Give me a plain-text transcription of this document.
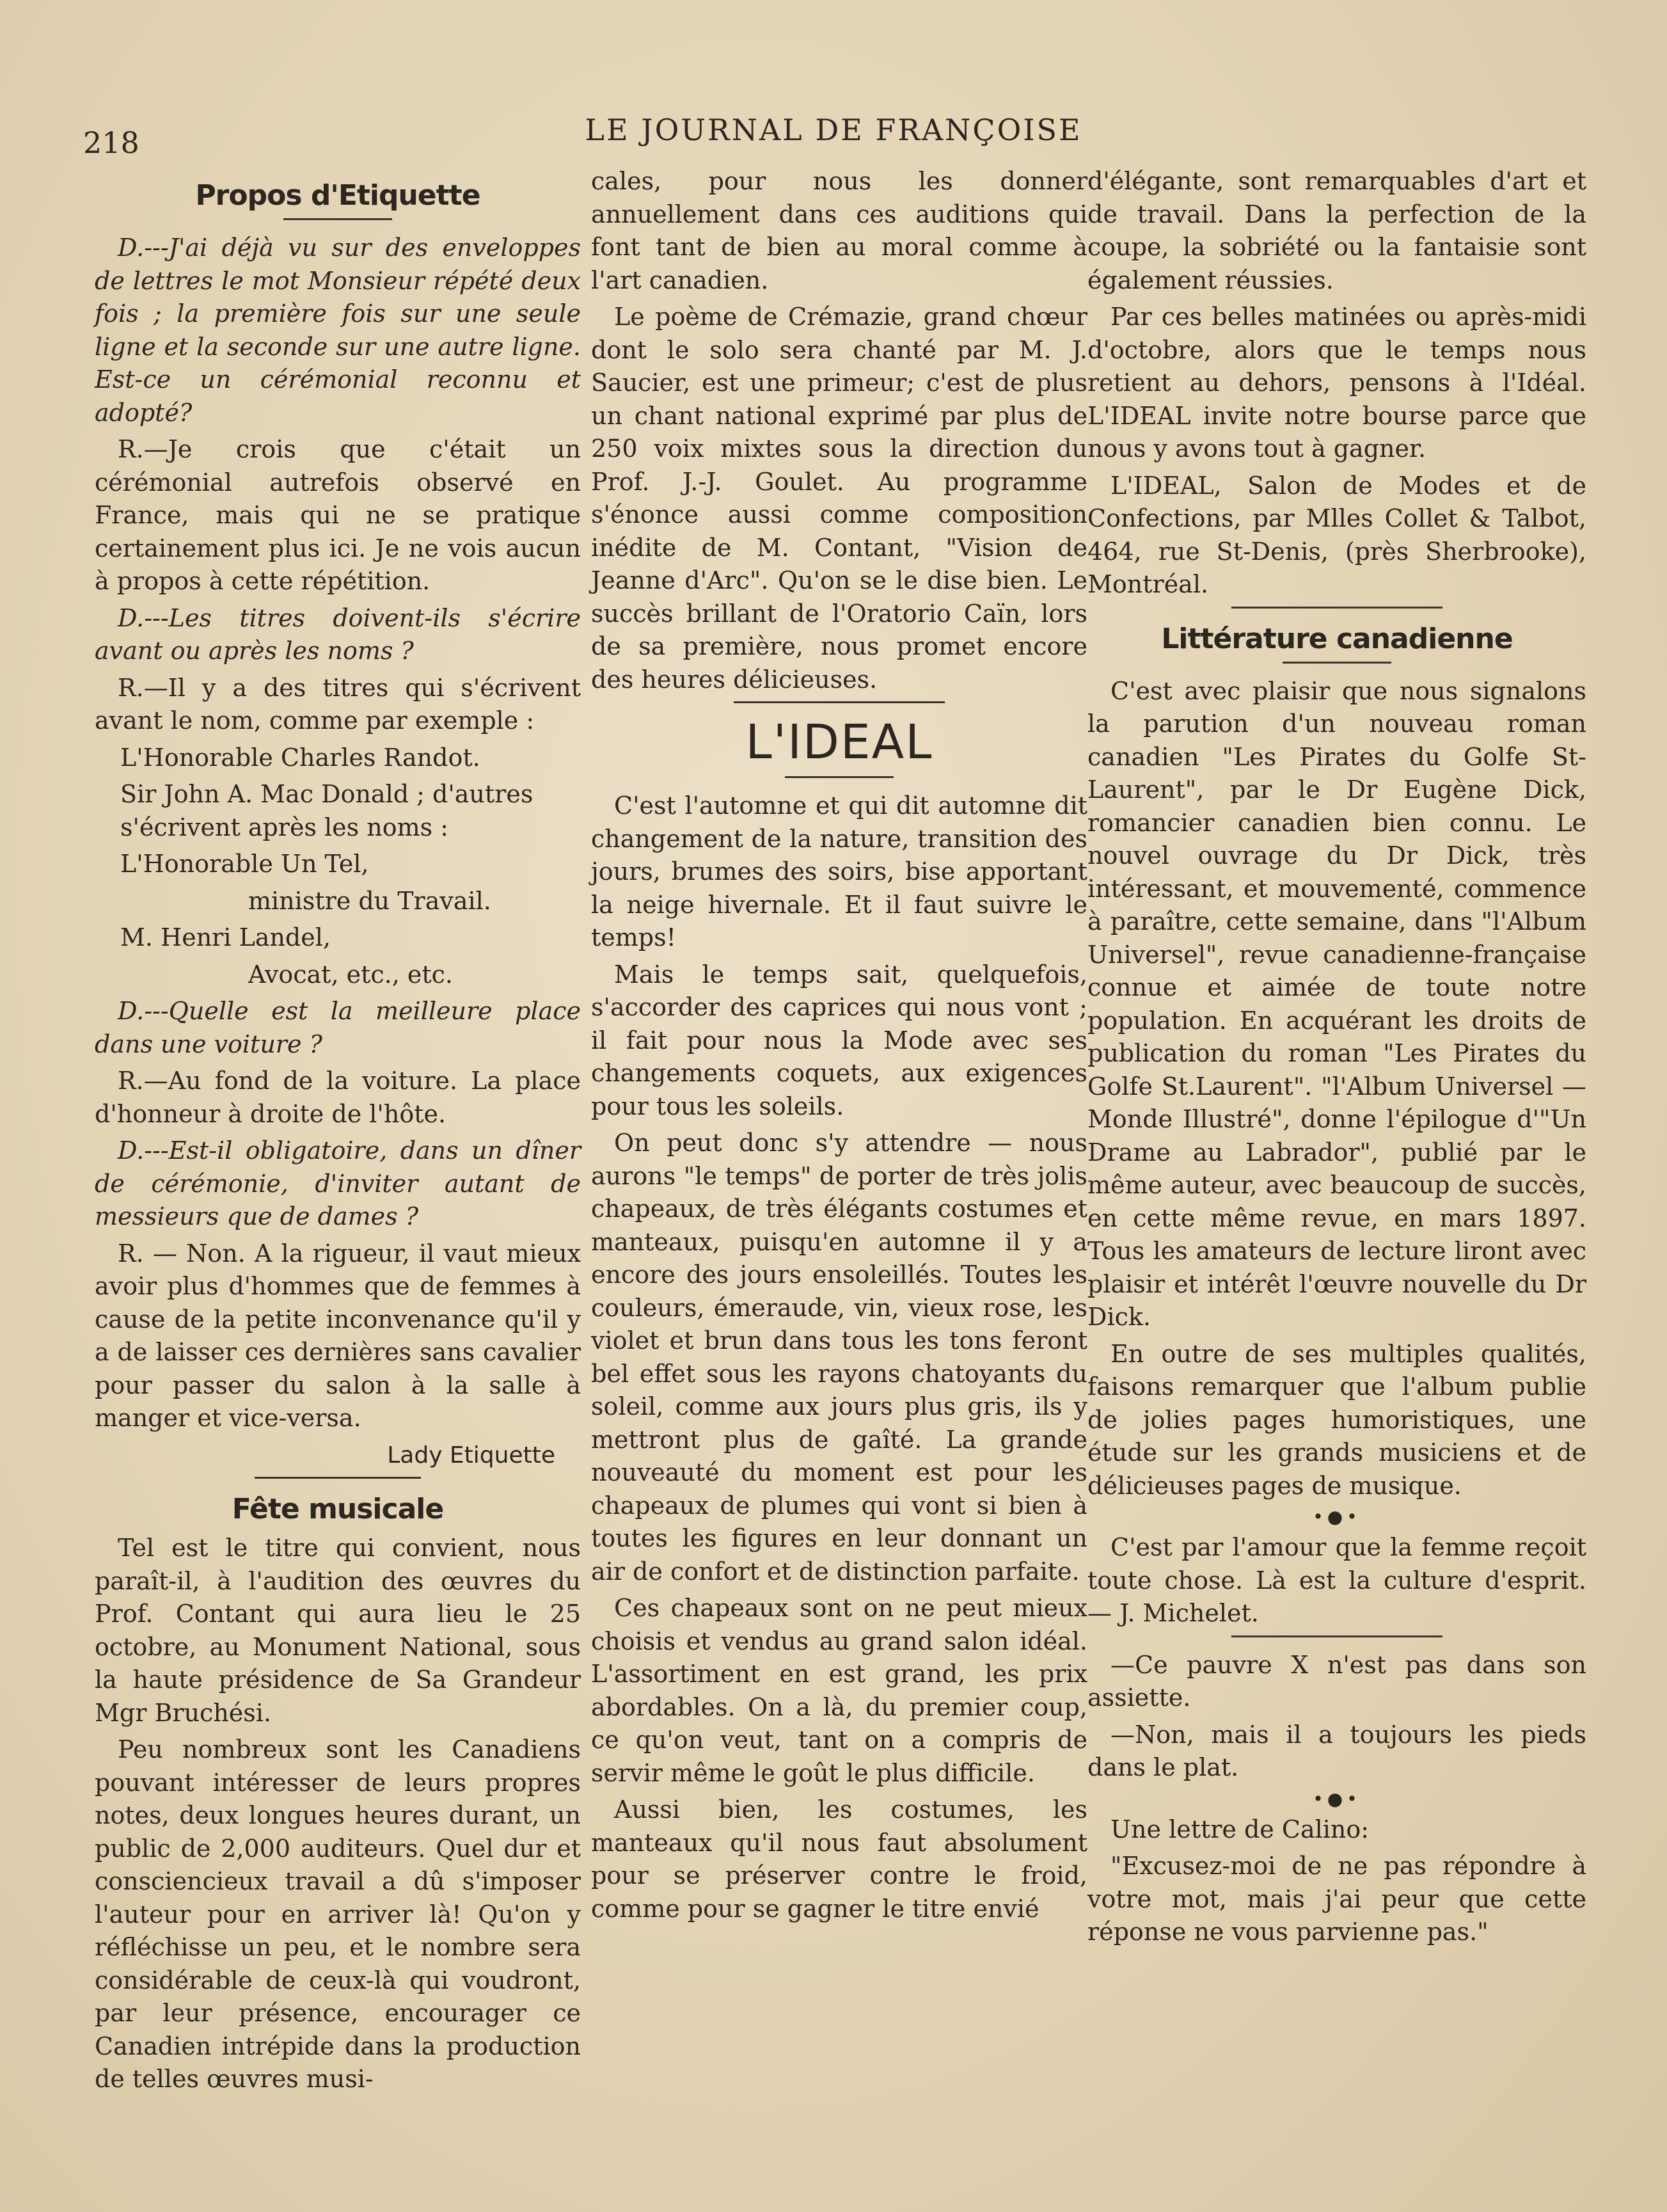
218	LE JOURNAL DE FRANÇOISE
Propos d'Etiquette

D.---J'ai déjà vu sur des enveloppes de lettres le mot Monsieur répété deux fois ; la première fois sur une seule ligne et la seconde sur une autre ligne. Est-ce un cérémonial reconnu et adopté?

R.—Je crois que c'était un cérémonial autrefois observé en France, mais qui ne se pratique certainement plus ici. Je ne vois aucun à propos à cette répétition.

D.---Les titres doivent-ils s'écrire avant ou après les noms ?

R.—Il y a des titres qui s'écrivent avant le nom, comme par exemple :

L'Honorable Charles Randot.

Sir John A. Mac Donald ; d'autres s'écrivent après les noms :

L'Honorable Un Tel,

ministre du Travail.

M. Henri Landel,

Avocat, etc., etc.

D.---Quelle est la meilleure place dans une voiture ?

R.—Au fond de la voiture. La place d'honneur à droite de l'hôte.

D.---Est-il obligatoire, dans un dîner de cérémonie, d'inviter autant de messieurs que de dames ?

R. — Non. A la rigueur, il vaut mieux avoir plus d'hommes que de femmes à cause de la petite inconvenance qu'il y a de laisser ces dernières sans cavalier pour passer du salon à la salle à manger et vice-versa.

Lady Etiquette

Fête musicale

Tel est le titre qui convient, nous paraît-il, à l'audition des œuvres du Prof. Contant qui aura lieu le 25 octobre, au Monument National, sous la haute présidence de Sa Grandeur Mgr Bruchési.

Peu nombreux sont les Canadiens pouvant intéresser de leurs propres notes, deux longues heures durant, un public de 2,000 auditeurs. Quel dur et consciencieux travail a dû s'imposer l'auteur pour en arriver là! Qu'on y réfléchisse un peu, et le nombre sera considérable de ceux-là qui voudront, par leur présence, encourager ce Canadien intrépide dans la production de telles œuvres musi-

cales, pour nous les donner annuellement dans ces auditions qui font tant de bien au moral comme à l'art canadien.

Le poème de Crémazie, grand chœur dont le solo sera chanté par M. J. Saucier, est une primeur; c'est de plus un chant national exprimé par plus de 250 voix mixtes sous la direction du Prof. J.-J. Goulet. Au programme s'énonce aussi comme composition inédite de M. Contant, "Vision de Jeanne d'Arc". Qu'on se le dise bien. Le succès brillant de l'Oratorio Caïn, lors de sa première, nous promet encore des heures délicieuses.

L'IDEAL

C'est l'automne et qui dit automne dit changement de la nature, transition des jours, brumes des soirs, bise apportant la neige hivernale. Et il faut suivre le temps!

Mais le temps sait, quelquefois, s'accorder des caprices qui nous vont ; il fait pour nous la Mode avec ses changements coquets, aux exigences pour tous les soleils.

On peut donc s'y attendre — nous aurons "le temps" de porter de très jolis chapeaux, de très élégants costumes et manteaux, puisqu'en automne il y a encore des jours ensoleillés. Toutes les couleurs, émeraude, vin, vieux rose, les violet et brun dans tous les tons feront bel effet sous les rayons chatoyants du soleil, comme aux jours plus gris, ils y mettront plus de gaîté. La grande nouveauté du moment est pour les chapeaux de plumes qui vont si bien à toutes les figures en leur donnant un air de confort et de distinction parfaite.

Ces chapeaux sont on ne peut mieux choisis et vendus au grand salon idéal. L'assortiment en est grand, les prix abordables. On a là, du premier coup, ce qu'on veut, tant on a compris de servir même le goût le plus difficile.

Aussi bien, les costumes, les manteaux qu'il nous faut absolument pour se préserver contre le froid, comme pour se gagner le titre envié

d'élégante, sont remarquables d'art et de travail. Dans la perfection de la coupe, la sobriété ou la fantaisie sont également réussies.

Par ces belles matinées ou après-midi d'octobre, alors que le temps nous retient au dehors, pensons à l'Idéal. L'IDEAL invite notre bourse parce que nous y avons tout à gagner.

L'IDEAL, Salon de Modes et de Confections, par Mlles Collet & Talbot, 464, rue St-Denis, (près Sherbrooke), Montréal.

Littérature canadienne

C'est avec plaisir que nous signalons la parution d'un nouveau roman canadien "Les Pirates du Golfe St-Laurent", par le Dr Eugène Dick, romancier canadien bien connu. Le nouvel ouvrage du Dr Dick, très intéressant, et mouvementé, commence à paraître, cette semaine, dans "l'Album Universel", revue canadienne-française connue et aimée de toute notre population. En acquérant les droits de publication du roman "Les Pirates du Golfe St.Laurent". "l'Album Universel — Monde Illustré", donne l'épilogue d'"Un Drame au Labrador", publié par le même auteur, avec beaucoup de succès, en cette même revue, en mars 1897. Tous les amateurs de lecture liront avec plaisir et intérêt l'œuvre nouvelle du Dr Dick.

En outre de ses multiples qualités, faisons remarquer que l'album publie de jolies pages humoristiques, une étude sur les grands musiciens et de délicieuses pages de musique.

•●•

C'est par l'amour que la femme reçoit toute chose. Là est la culture d'esprit. — J. Michelet.

—Ce pauvre X n'est pas dans son assiette.

—Non, mais il a toujours les pieds dans le plat.

•●•

Une lettre de Calino:

"Excusez-moi de ne pas répondre à votre mot, mais j'ai peur que cette réponse ne vous parvienne pas."
